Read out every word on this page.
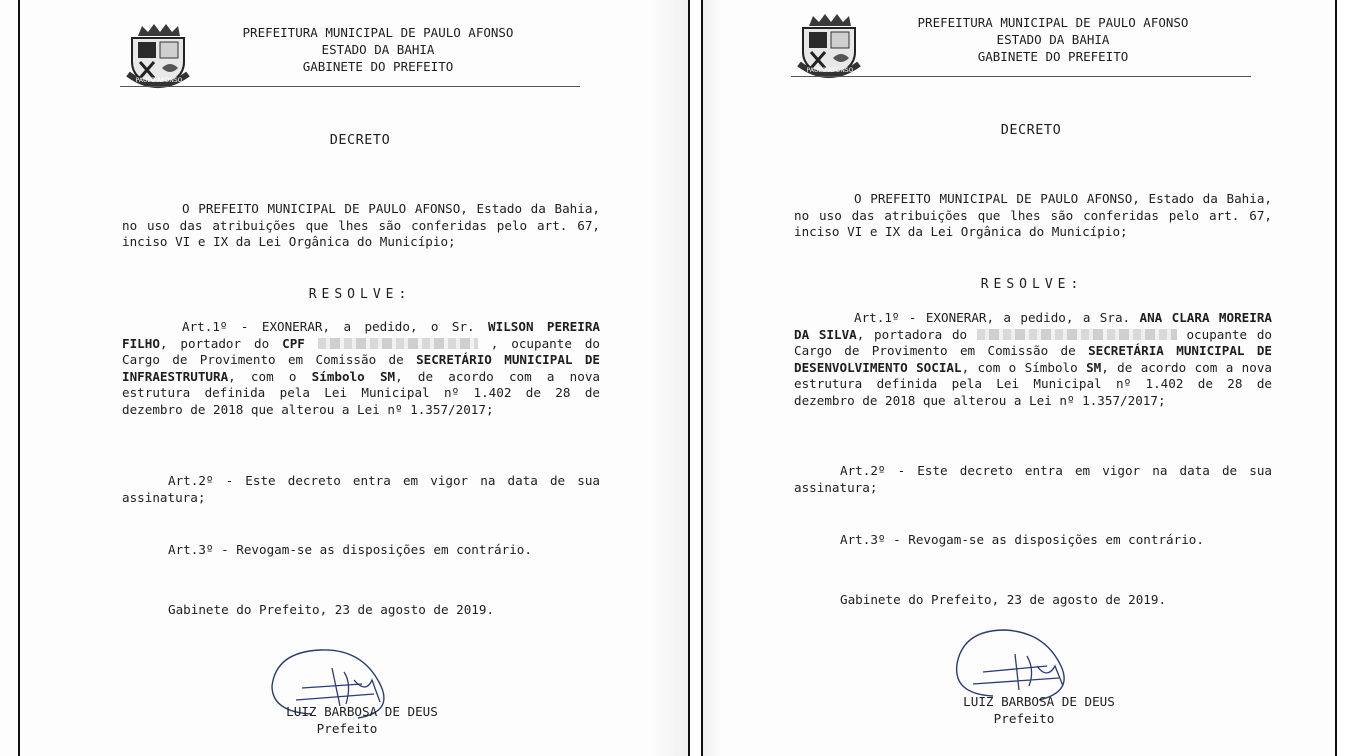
PAULO AFONSO
PREFEITURA MUNICIPAL DE PAULO AFONSO
ESTADO DA BAHIA
GABINETE DO PREFEITO
DECRETO
O PREFEITO MUNICIPAL DE PAULO AFONSO, Estado da Bahia, no uso das atribuições que lhes são conferidas pelo art. 67, inciso VI e IX da Lei Orgânica do Município;
RESOLVE:
Art.1º - EXONERAR, a pedido, o Sr. WILSON PEREIRA FILHO, portador do CPF	, ocupante do Cargo de Provimento em Comissão de SECRETÁRIO MUNICIPAL DE INFRAESTRUTURA, com o Símbolo SM, de acordo com a nova estrutura definida pela Lei Municipal nº 1.402 de 28 de dezembro de 2018 que alterou a Lei nº 1.357/2017;
Art.2º - Este decreto entra em vigor na data de sua assinatura;
Art.3º - Revogam-se as disposições em contrário.
Gabinete do Prefeito, 23 de agosto de 2019.
LUIZ BARBOSA DE DEUS
Prefeito
PAULO AFONSO
PREFEITURA MUNICIPAL DE PAULO AFONSO
ESTADO DA BAHIA
GABINETE DO PREFEITO
DECRETO
O PREFEITO MUNICIPAL DE PAULO AFONSO, Estado da Bahia, no uso das atribuições que lhes são conferidas pelo art. 67, inciso VI e IX da Lei Orgânica do Município;
RESOLVE:
Art.1º - EXONERAR, a pedido, a Sra. ANA CLARA MOREIRA DA SILVA, portadora do	ocupante do Cargo de Provimento em Comissão de SECRETÁRIA MUNICIPAL DE DESENVOLVIMENTO SOCIAL, com o Símbolo SM, de acordo com a nova estrutura definida pela Lei Municipal nº 1.402 de 28 de dezembro de 2018 que alterou a Lei nº 1.357/2017;
Art.2º - Este decreto entra em vigor na data de sua assinatura;
Art.3º - Revogam-se as disposições em contrário.
Gabinete do Prefeito, 23 de agosto de 2019.
LUIZ BARBOSA DE DEUS
Prefeito
